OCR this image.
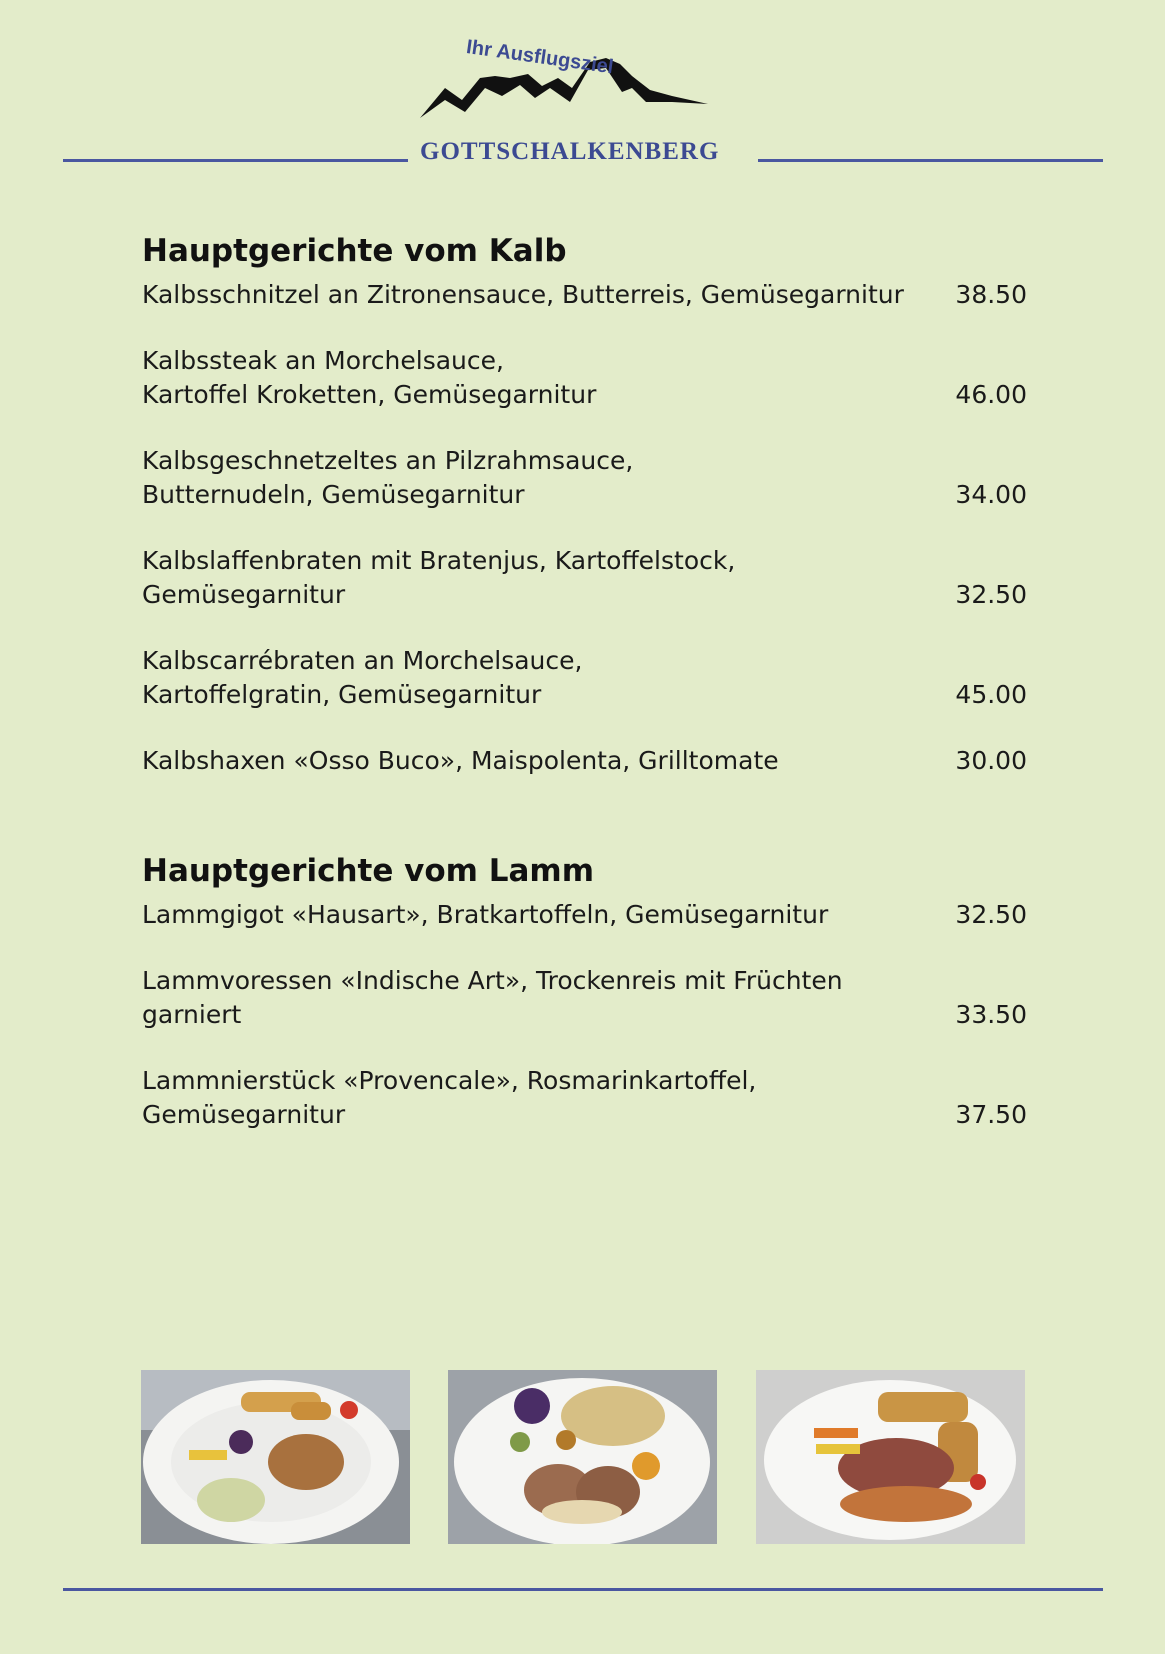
Ihr Ausflugsziel
GOTTSCHALKENBERG
Hauptgerichte vom Kalb
Kalbsschnitzel an Zitronensauce, Butterreis, Gemüsegarnitur	38.50
Kalbssteak an Morchelsauce,
Kartoffel Kroketten, Gemüsegarnitur	46.00
Kalbsgeschnetzeltes an Pilzrahmsauce,
Butternudeln, Gemüsegarnitur	34.00
Kalbslaffenbraten mit Bratenjus, Kartoffelstock, Gemüsegarnitur	32.50
Kalbscarrébraten an Morchelsauce,
Kartoffelgratin, Gemüsegarnitur	45.00
Kalbshaxen «Osso Buco», Maispolenta, Grilltomate	30.00
Hauptgerichte vom Lamm
Lammgigot «Hausart», Bratkartoffeln, Gemüsegarnitur	32.50
Lammvoressen «Indische Art», Trockenreis mit Früchten garniert	33.50
Lammnierstück «Provencale», Rosmarinkartoffel, Gemüsegarnitur	37.50
